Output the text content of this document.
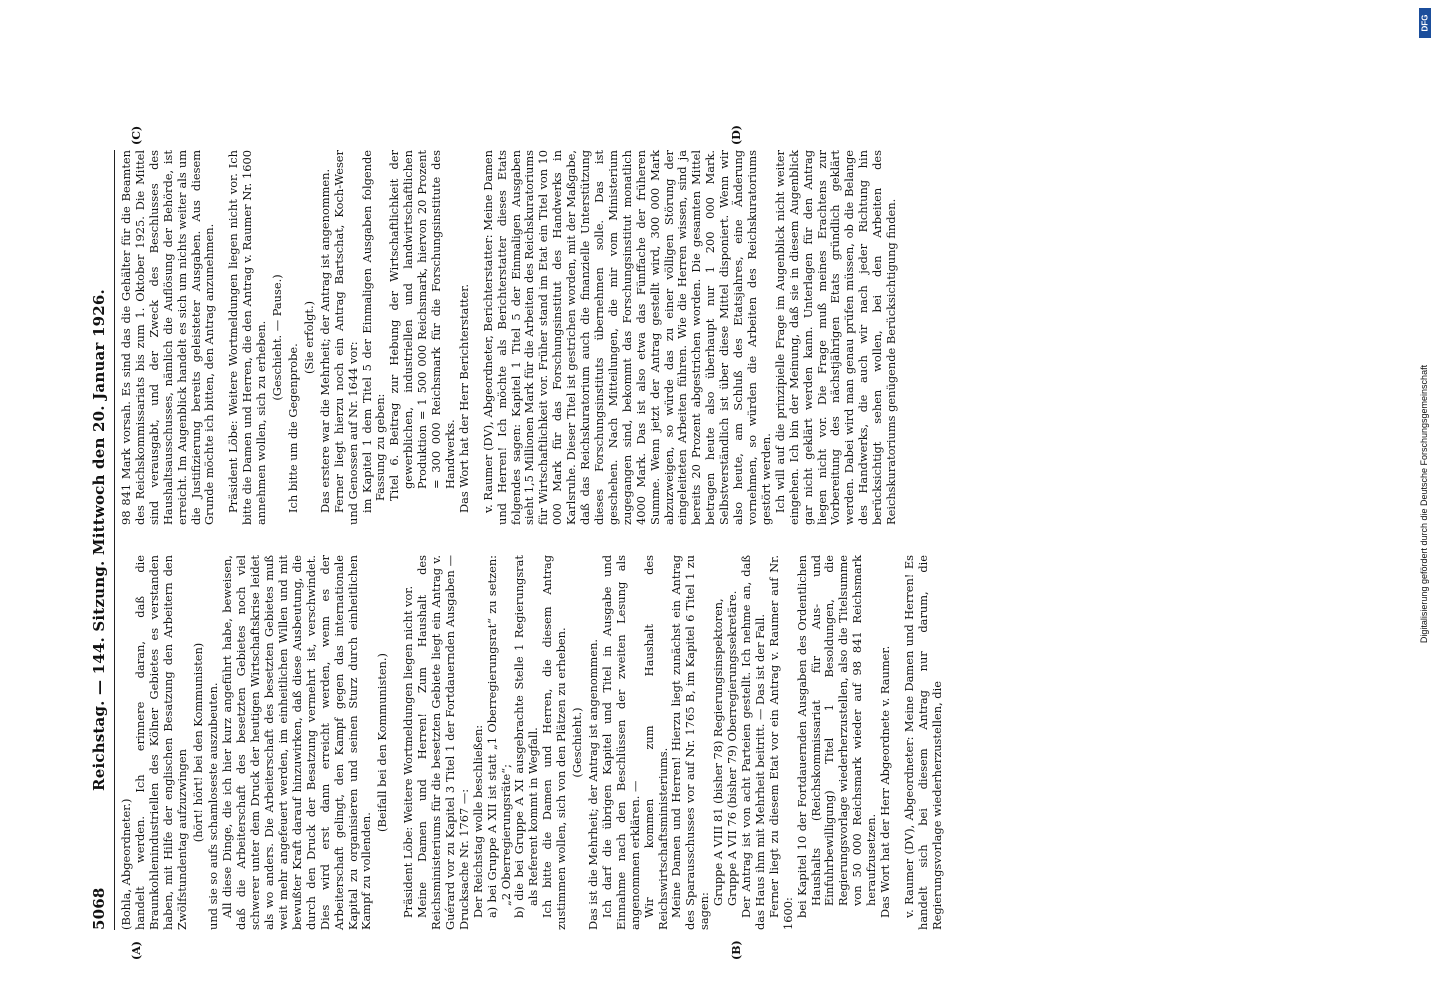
5068
Reichstag. — 144. Sitzung. Mittwoch den 20. Januar 1926.
(A)	(B)
(C)	(D)

(Bohla, Abgeordneter.) handelt werden. Ich erinnere daran, daß die Braunkohlenindustriellen des Kölner Gebietes es verstanden haben, mit Hilfe der englischen Besatzung den Arbeitern den Zwölfstundentag aufzuzwingen (hört! hört! bei den Kommunisten) und sie so aufs schamloseste auszubeuten. All diese Dinge, die ich hier kurz angeführt habe, beweisen, daß die Arbeiterschaft des besetzten Gebietes noch viel schwerer unter dem Druck der heutigen Wirtschaftskrise leidet als wo anders. Die Arbeiterschaft des besetzten Gebietes muß weit mehr angefeuert werden, im einheitlichen Willen und mit bewußter Kraft darauf hinzuwirken, daß diese Ausbeutung, die durch den Druck der Besatzung vermehrt ist, verschwindet. Dies wird erst dann erreicht werden, wenn es der Arbeiterschaft gelingt, den Kampf gegen das internationale Kapital zu organisieren und seinen Sturz durch einheitlichen Kampf zu vollenden.

(Beifall bei den Kommunisten.) Präsident Löbe: Weitere Wortmeldungen liegen nicht vor. Meine Damen und Herren! Zum Haushalt des Reichsministeriums für die besetzten Gebiete liegt ein Antrag v. Guérard vor zu Kapitel 3 Titel 1 der Fortdauernden Ausgaben — Drucksache Nr. 1767 —: Der Reichstag wolle beschließen: a) bei Gruppe A XII ist statt „1 Oberregierungsrat“ zu setzen: „2 Oberregierungsräte“; b) die bei Gruppe A XI ausgebrachte Stelle 1 Regierungsrat als Referent kommt in Wegfall. Ich bitte die Damen und Herren, die diesem Antrag zustimmen wollen, sich von den Plätzen zu erheben. (Geschieht.) Das ist die Mehrheit; der Antrag ist angenommen. Ich darf die übrigen Kapitel und Titel in Ausgabe und Einnahme nach den Beschlüssen der zweiten Lesung als angenommen erklären. — Wir kommen zum Haushalt des Reichswirtschaftsministeriums. Meine Damen und Herren! Hierzu liegt zunächst ein Antrag des Sparausschusses vor auf Nr. 1765 B, im Kapitel 6 Titel 1 zu sagen:

Gruppe A VIII 81 (bisher 78) Regierungsinspektoren, Gruppe A VII 76 (bisher 79) Oberregierungssekretäre. Der Antrag ist von acht Parteien gestellt. Ich nehme an, daß das Haus ihm mit Mehrheit beitritt. — Das ist der Fall. Ferner liegt zu diesem Etat vor ein Antrag v. Raumer auf Nr. 1600: bei Kapitel 10 der Fortdauernden Ausgaben des Ordentlichen Haushalts (Reichskommissariat für Aus- und Einfuhrbewilligung) Titel 1 Besoldungen, die Regierungsvorlage wiederherzustellen, also die Titelsumme von 50 000 Reichsmark wieder auf 98 841 Reichsmark heraufzusetzen. Das Wort hat der Herr Abgeordnete v. Raumer. v. Raumer (DV), Abgeordneter: Meine Damen und Herren! Es handelt sich bei diesem Antrag nur darum, die Regierungsvorlage wiederherzustellen, die

98 841 Mark vorsah. Es sind das die Gehälter für die Beamten des Reichskommissariats bis zum 1. Oktober 1925. Die Mittel sind verausgabt, und der Zweck des Beschlusses des Haushaltsausschusses, nämlich die Auflösung der Behörde, ist erreicht. Im Augenblick handelt es sich um nichts weiter als um die Justifizierung bereits geleisteter Ausgaben. Aus diesem Grunde möchte ich bitten, den Antrag anzunehmen. Präsident Löbe: Weitere Wortmeldungen liegen nicht vor. Ich bitte die Damen und Herren, die den Antrag v. Raumer Nr. 1600 annehmen wollen, sich zu erheben. (Geschieht. — Pause.)

Ich bitte um die Gegenprobe.

(Sie erfolgt.) Das erstere war die Mehrheit; der Antrag ist angenommen. Ferner liegt hierzu noch ein Antrag Bartschat, Koch-Weser und Genossen auf Nr. 1644 vor: im Kapitel 1 dem Titel 5 der Einmaligen Ausgaben folgende Fassung zu geben: Titel 6. Beitrag zur Hebung der Wirtschaftlichkeit der gewerblichen, industriellen und landwirtschaftlichen Produktion = 1 500 000 Reichsmark, hiervon 20 Prozent = 300 000 Reichsmark für die Forschungsinstitute des Handwerks. Das Wort hat der Herr Berichterstatter. v. Raumer (DV), Abgeordneter, Berichterstatter: Meine Damen und Herren! Ich möchte als Berichterstatter dieses Etats folgendes sagen: Kapitel 1 Titel 5 der Einmaligen Ausgaben sieht 1,5 Millionen Mark für die Arbeiten des Reichskuratoriums für Wirtschaftlichkeit vor. Früher stand im Etat ein Titel von 10 000 Mark für das Forschungsinstitut des Handwerks in Karlsruhe. Dieser Titel ist gestrichen worden, mit der Maßgabe, daß das Reichskuratorium auch die finanzielle Unterstützung dieses Forschungsinstituts übernehmen solle. Das ist geschehen. Nach Mitteilungen, die mir vom Ministerium zugegangen sind, bekommt das Forschungsinstitut monatlich 4000 Mark. Das ist also etwa das Fünffache der früheren Summe. Wenn jetzt der Antrag gestellt wird, 300 000 Mark abzuzweigen, so würde das zu einer völligen Störung der eingeleiteten Arbeiten führen. Wie die Herren wissen, sind ja bereits 20 Prozent abgestrichen worden. Die gesamten Mittel betragen heute also überhaupt nur 1 200 000 Mark. Selbstverständlich ist über diese Mittel disponiert. Wenn wir also heute, am Schluß des Etatsjahres, eine Änderung vornehmen, so würden die Arbeiten des Reichskuratoriums gestört werden. Ich will auf die prinzipielle Frage im Augenblick nicht weiter eingehen. Ich bin der Meinung, daß sie in diesem Augenblick gar nicht geklärt werden kann. Unterlagen für den Antrag liegen nicht vor. Die Frage muß meines Erachtens zur Vorbereitung des nächstjährigen Etats gründlich geklärt werden. Dabei wird man genau prüfen müssen, ob die Belange des Handwerks, die auch wir nach jeder Richtung hin berücksichtigt sehen wollen, bei den Arbeiten des Reichskuratoriums genügende Berücksichtigung finden.	Digitalisierung gefördert durch die Deutsche Forschungsgemeinschaft
DFG
